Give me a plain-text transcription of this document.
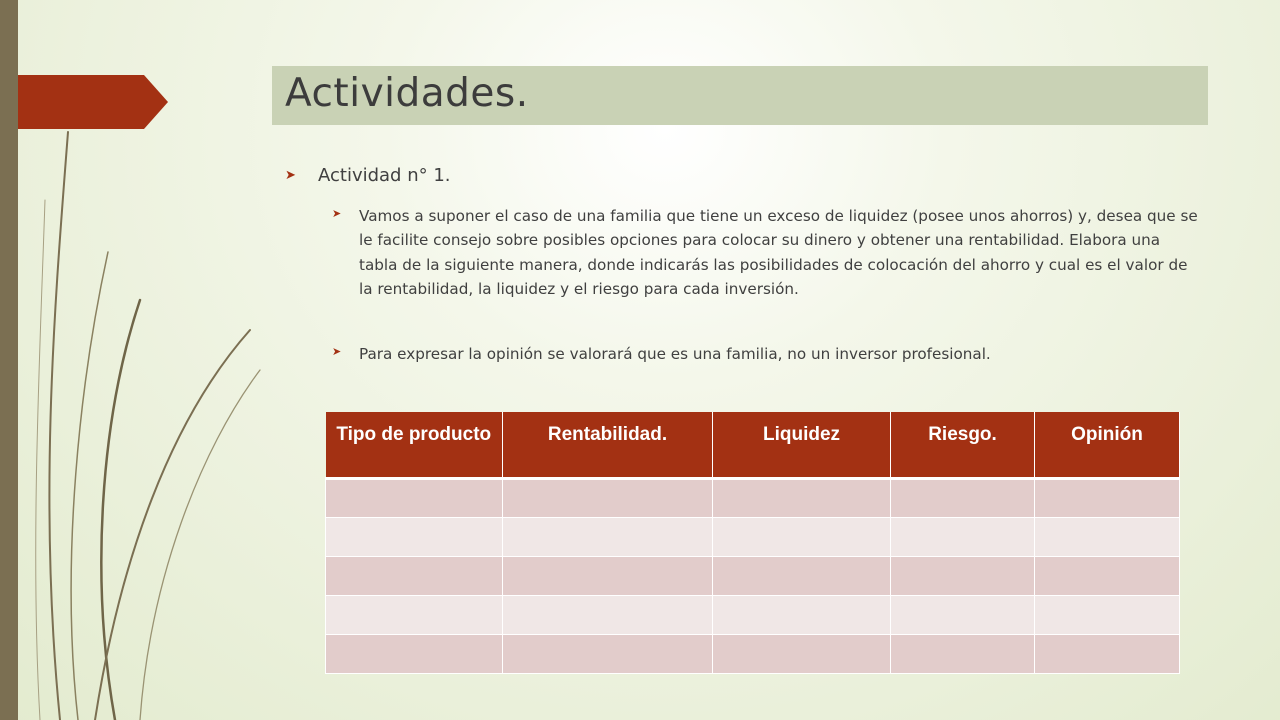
Actividades.
➤ Actividad n° 1.
➤ Vamos a suponer el caso de una familia que tiene un exceso de liquidez (posee unos ahorros) y, desea que se le facilite consejo sobre posibles opciones para colocar su dinero y obtener una rentabilidad. Elabora una tabla de la siguiente manera, donde indicarás las posibilidades de colocación del ahorro y cual es el valor de la rentabilidad, la liquidez y el riesgo para cada inversión.
➤ Para expresar la opinión se valorará que es una familia, no un inversor profesional.
Tipo de producto	Rentabilidad.	Liquidez	Riesgo.	Opinión
